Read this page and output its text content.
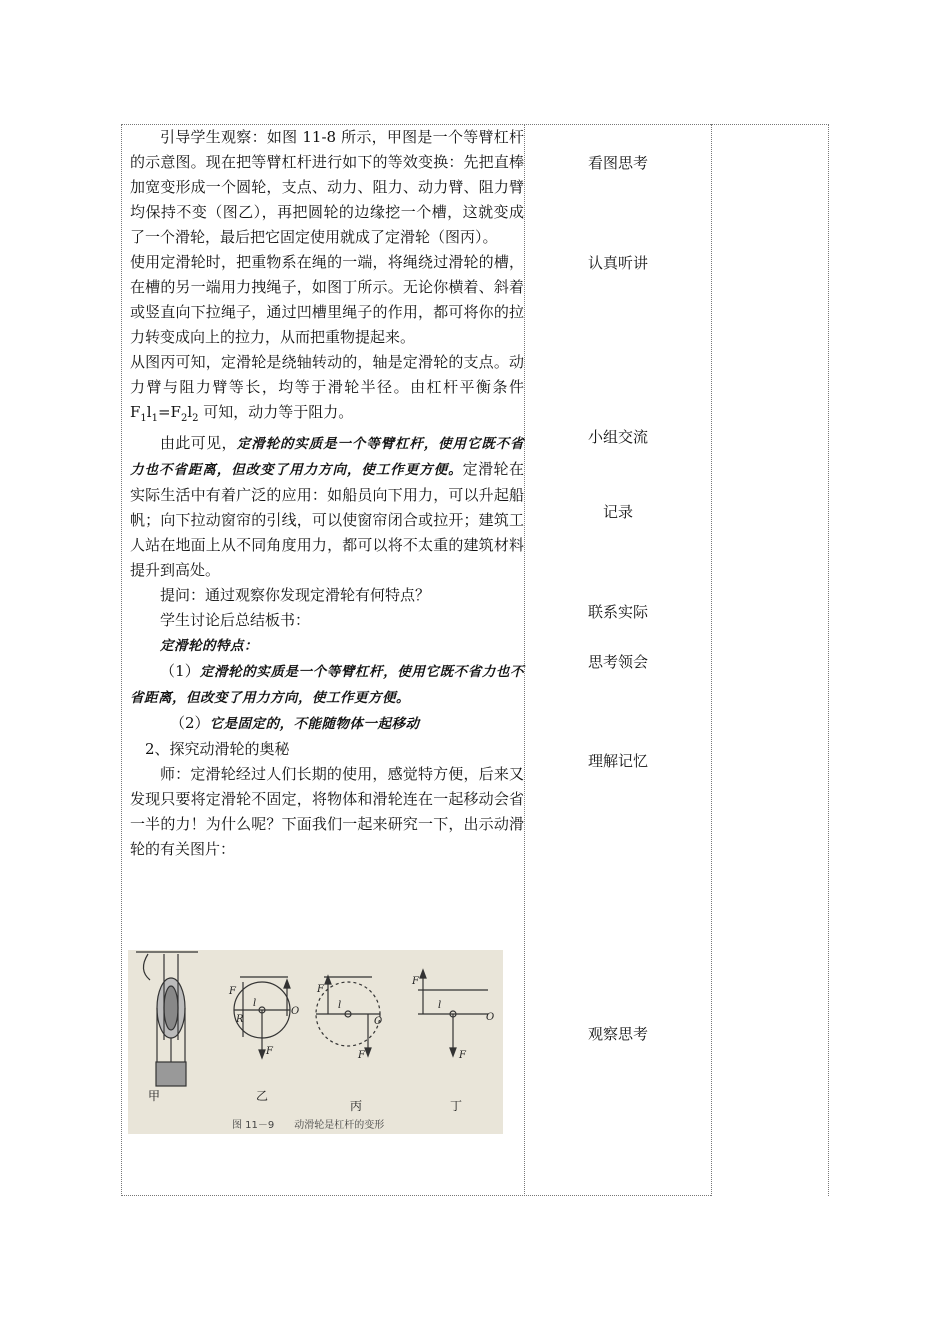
引导学生观察：如图 11-8 所示，甲图是一个等臂杠杆的示意图。现在把等臂杠杆进行如下的等效变换：先把直棒加宽变形成一个圆轮，支点、动力、阻力、动力臂、阻力臂均保持不变（图乙），再把圆轮的边缘挖一个槽，这就变成了一个滑轮，最后把它固定使用就成了定滑轮（图丙）。

使用定滑轮时，把重物系在绳的一端，将绳绕过滑轮的槽，在槽的另一端用力拽绳子，如图丁所示。无论你横着、斜着或竖直向下拉绳子，通过凹槽里绳子的作用，都可将你的拉力转变成向上的拉力，从而把重物提起来。

从图丙可知，定滑轮是绕轴转动的，轴是定滑轮的支点。动力臂与阻力臂等长，均等于滑轮半径。由杠杆平衡条件 $F_1l_1=F_2l_2$ 可知，动力等于阻力。

由此可见，定滑轮的实质是一个等臂杠杆，使用它既不省力也不省距离，但改变了用力方向，使工作更方便。定滑轮在实际生活中有着广泛的应用：如船员向下用力，可以升起船帆；向下拉动窗帘的引线，可以使窗帘闭合或拉开；建筑工人站在地面上从不同角度用力，都可以将不太重的建筑材料提升到高处。

提问：通过观察你发现定滑轮有何特点？

学生讨论后总结板书：

定滑轮的特点：

（1）定滑轮的实质是一个等臂杠杆，使用它既不省力也不省距离，但改变了用力方向，使工作更方便。

（2）它是固定的，不能随物体一起移动

2、探究动滑轮的奥秘

师：定滑轮经过人们长期的使用，感觉特方便，后来又发现只要将定滑轮不固定，将物体和滑轮连在一起移动会省一半的力！为什么呢？下面我们一起来研究一下，出示动滑轮的有关图片：

F
l
R
O
F
F
l
O
F
F
l
O
F
甲	乙
丙	丁
图 11－9　　动滑轮是杠杆的变形
看图思考
认真听讲
小组交流
记录
联系实际
思考领会
理解记忆
观察思考
